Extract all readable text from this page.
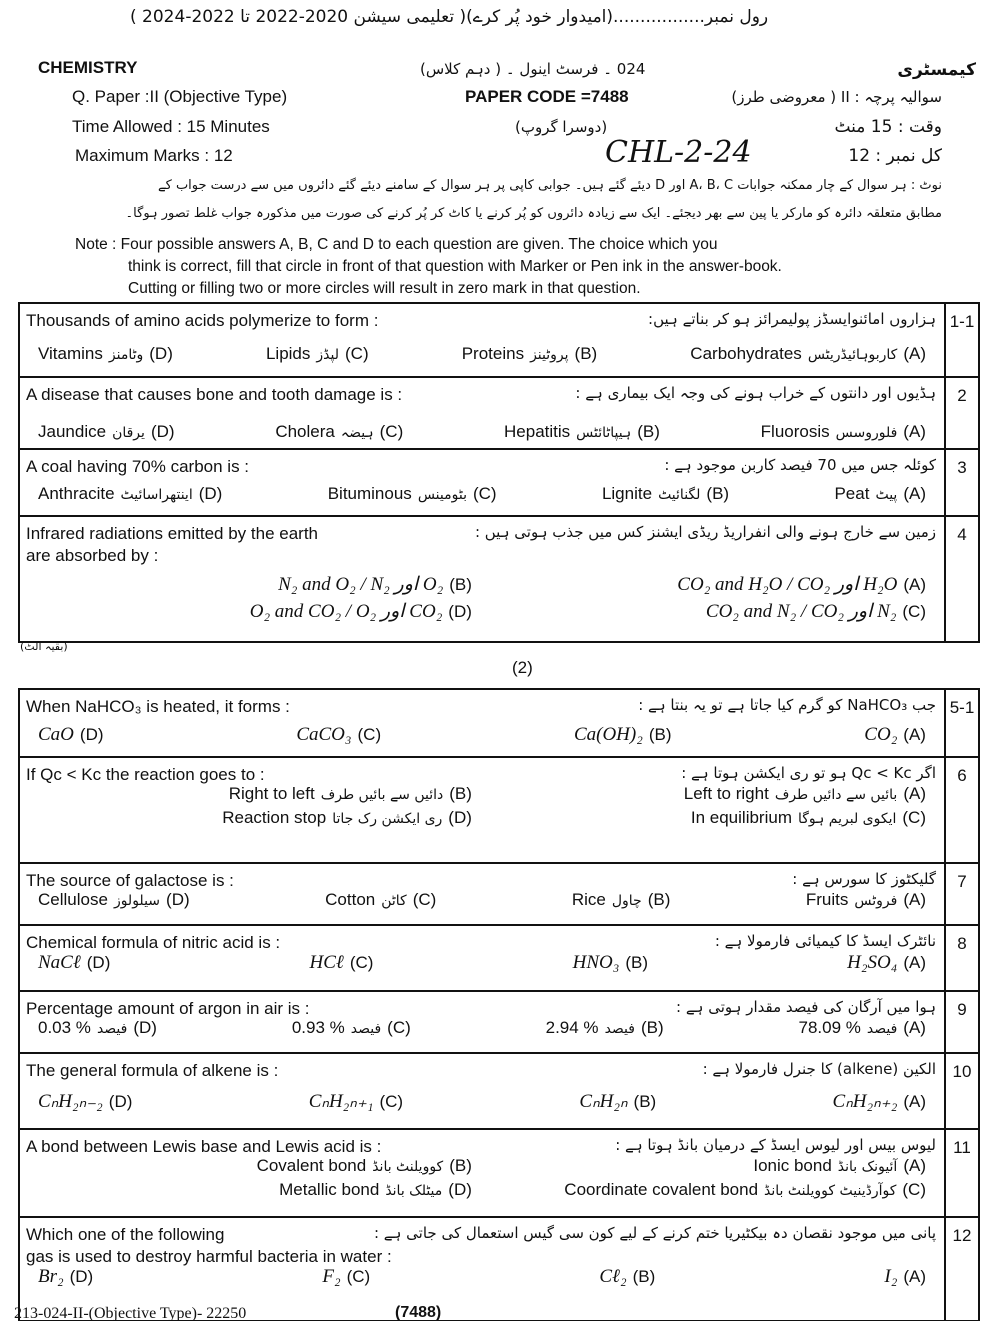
رول نمبر.................(امیدوار خود پُر کرے)( تعلیمی سیشن 2020-2022 تا 2022-2024 )
CHEMISTRY	024 ۔ فرسٹ اینول ۔ ( دہم کلاس)	کیمسٹری
Q. Paper :II (Objective Type)	PAPER CODE =7488	سوالیہ پرچہ : II ( معروضی طرز)
Time Allowed : 15 Minutes	(دوسرا گروپ)	وقت : 15 منٹ
Maximum Marks : 12	CHL-2-24	کل نمبر : 12
نوٹ : ہر سوال کے چار ممکنہ جوابات A، B، C اور D دیئے گئے ہیں۔ جوابی کاپی پر ہر سوال کے سامنے دیئے گئے دائروں میں سے درست جواب کے
مطابق متعلقہ دائرہ کو مارکر یا پین سے بھر دیجئے۔ ایک سے زیادہ دائروں کو پُر کرنے یا کاٹ کر پُر کرنے کی صورت میں مذکورہ جواب غلط تصور ہوگا۔
Note : Four possible answers A, B, C and D to each question are given. The choice which you
think is correct, fill that circle in front of that question with Marker or Pen ink in the answer-book.
Cutting or filling two or more circles will result in zero mark in that question.
1-1
Thousands of amino acids polymerize to form :	ہزاروں امائنوایسڈز پولیمرائز ہو کر بناتے ہیں:
Carbohydrates کاربوہائیڈریٹس (A)
Proteins پروٹینز (B)
Lipids لپڈز (C)
Vitamins وٹامنز (D)
2
A disease that causes bone and tooth damage is :	ہڈیوں اور دانتوں کے خراب ہونے کی وجہ ایک بیماری ہے :
Fluorosis فلوروسس (A)
Hepatitis ہیپاٹائٹس (B)
Cholera ہیضہ (C)
Jaundice یرقان (D)
3
A coal having 70% carbon is :	کوئلہ جس میں 70 فیصد کاربن موجود ہے :
Peat پیٹ (A)
Lignite لگنائیٹ (B)
Bituminous بٹومینس (C)
Anthracite اینتھراسائیٹ (D)
4
Infrared radiations emitted by the earth
are absorbed by :
زمین سے خارج ہونے والی انفراریڈ ریڈی ایشنز کس میں جذب ہوتی ہیں :
CO₂ and H₂O / CO₂ اور H₂O (A)
N₂ and O₂ / N₂ اور O₂ (B)
CO₂ and N₂ / CO₂ اور N₂ (C)
O₂ and CO₂ / O₂ اور CO₂ (D)
(بقیہ الٹ)
(2)
5-1
When NaHCO₃ is heated, it forms :	جب NaHCO₃ کو گرم کیا جاتا ہے تو یہ بنتا ہے :
CO₂ (A)
Ca(OH)₂ (B)
CaCO₃ (C)
CaO (D)
6
If Qc < Kc the reaction goes to :	اگر Qc < Kc ہو تو ری ایکشن ہوتا ہے :
Left to right بائیں سے دائیں طرف (A)
Right to left دائیں سے بائیں طرف (B)
In equilibrium ایکوی لبریم ہوگا (C)
Reaction stop ری ایکشن رک جاتا (D)
7
The source of galactose is :	گلیکٹوز کا سورس ہے :
Fruits فروٹس (A)
Rice چاول (B)
Cotton کاٹن (C)
Cellulose سیلولوز (D)
8
Chemical formula of nitric acid is :	نائٹرک ایسڈ کا کیمیائی فارمولا ہے :
H₂SO₄ (A)
HNO₃ (B)
HCℓ (C)
NaCℓ (D)
9
Percentage amount of argon in air is :	ہوا میں آرگان کی فیصد مقدار ہوتی ہے :
78.09 % فیصد (A)
2.94 % فیصد (B)
0.93 % فیصد (C)
0.03 % فیصد (D)
10
The general formula of alkene is :	الکین (alkene) کا جنرل فارمولا ہے :
CₙH₂ₙ₊₂ (A)
CₙH₂ₙ (B)
CₙH₂ₙ₊₁ (C)
CₙH₂ₙ₋₂ (D)
11
A bond between Lewis base and Lewis acid is :	لیوس بیس اور لیوس ایسڈ کے درمیان بانڈ ہوتا ہے :
Ionic bond آئیونک بانڈ (A)
Covalent bond کوویلنٹ بانڈ (B)
Coordinate covalent bond کوآرڈینیٹ کوویلنٹ بانڈ (C)
Metallic bond میٹلک بانڈ (D)
12
Which one of the following
gas is used to destroy harmful bacteria in water :
پانی میں موجود نقصان دہ بیکٹیریا ختم کرنے کے لیے کون سی گیس استعمال کی جاتی ہے :
I₂ (A)
Cℓ₂ (B)
F₂ (C)
Br₂ (D)
213-024-II-(Objective Type)- 22250	(7488)
